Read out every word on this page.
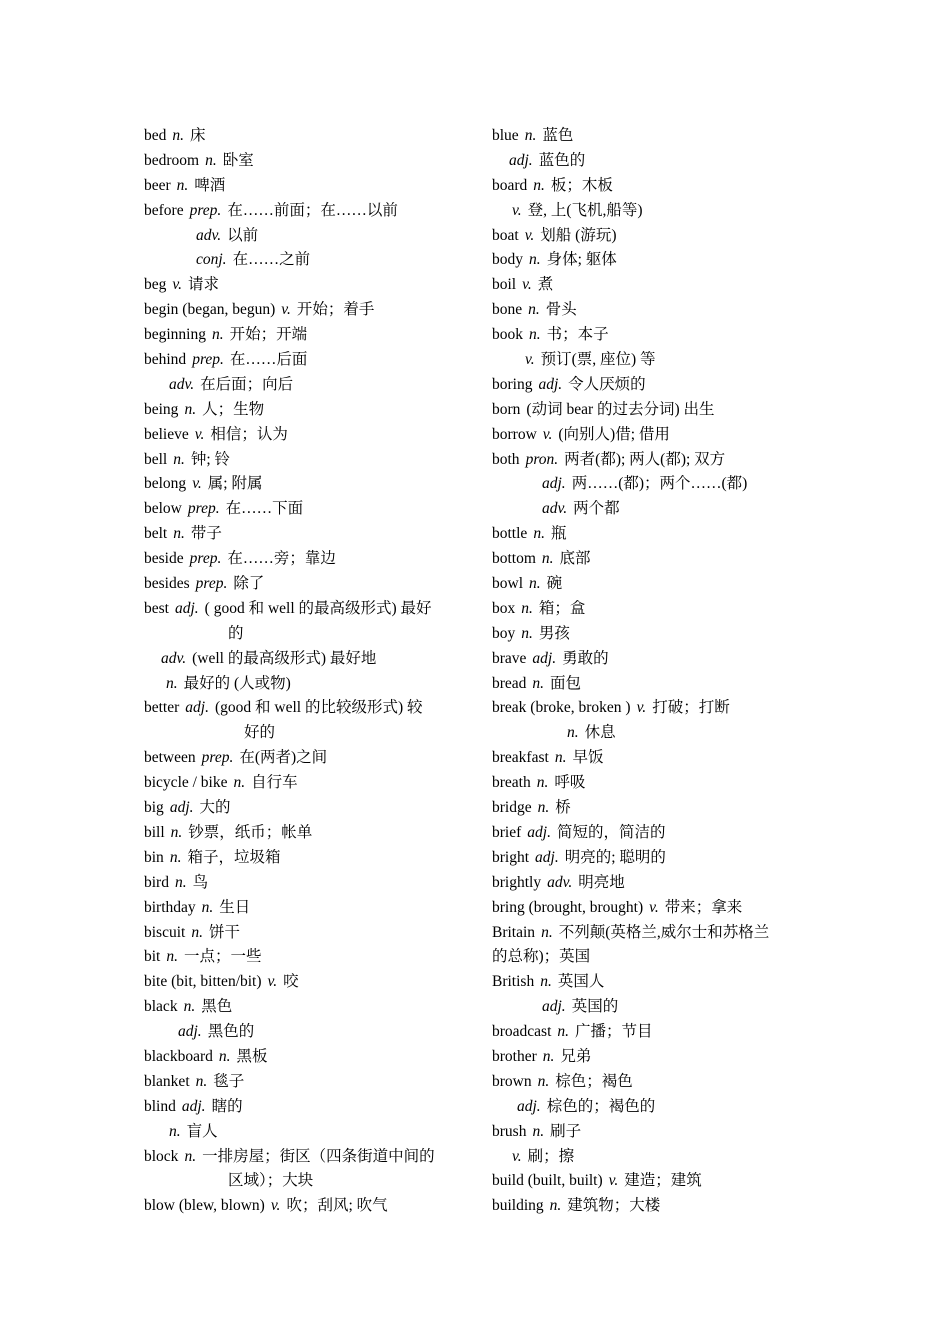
bed n. 床
bedroom n. 卧室
beer n. 啤酒
before prep. 在……前面；在……以前
adv. 以前
conj. 在……之前
beg v. 请求
begin (began, begun) v. 开始；着手
beginning n. 开始；开端
behind prep. 在……后面
adv. 在后面；向后
being n. 人；生物
believe v. 相信；认为
bell n. 钟; 铃
belong v. 属; 附属
below prep. 在……下面
belt n. 带子
beside prep. 在……旁；靠边
besides prep. 除了
best adj. ( good 和 well 的最高级形式) 最好
的
adv. (well 的最高级形式) 最好地
n. 最好的 (人或物)
better adj. (good 和 well 的比较级形式) 较
好的
between prep. 在(两者)之间
bicycle / bike n. 自行车
big adj. 大的
bill n. 钞票，纸币；帐单
bin n. 箱子，垃圾箱
bird n. 鸟
birthday n. 生日
biscuit n. 饼干
bit n. 一点；一些
bite (bit, bitten/bit) v. 咬
black n. 黑色
adj. 黑色的
blackboard n. 黑板
blanket n. 毯子
blind adj. 瞎的
n. 盲人
block n. 一排房屋；街区（四条街道中间的
区域）；大块
blow (blew, blown) v. 吹；刮风; 吹气
blue n. 蓝色
adj. 蓝色的
board n. 板；木板
v. 登, 上(飞机,船等)
boat v. 划船 (游玩)
body n. 身体; 躯体
boil v. 煮
bone n. 骨头
book n. 书；本子
v. 预订(票, 座位) 等
boring adj. 令人厌烦的
born (动词 bear 的过去分词) 出生
borrow v. (向别人)借; 借用
both pron. 两者(都); 两人(都); 双方
adj. 两……(都)；两个……(都)
adv. 两个都
bottle n. 瓶
bottom n. 底部
bowl n. 碗
box n. 箱；盒
boy n. 男孩
brave adj. 勇敢的
bread n. 面包
break (broke, broken ) v. 打破；打断
n. 休息
breakfast n. 早饭
breath n. 呼吸
bridge n. 桥
brief adj. 简短的，简洁的
bright adj. 明亮的; 聪明的
brightly adv. 明亮地
bring (brought, brought) v. 带来；拿来
Britain n. 不列颠(英格兰,威尔士和苏格兰
的总称)；英国
British n. 英国人
adj. 英国的
broadcast n. 广播；节目
brother n. 兄弟
brown n. 棕色；褐色
adj. 棕色的；褐色的
brush n. 刷子
v. 刷；擦
build (built, built) v. 建造；建筑
building n. 建筑物；大楼
